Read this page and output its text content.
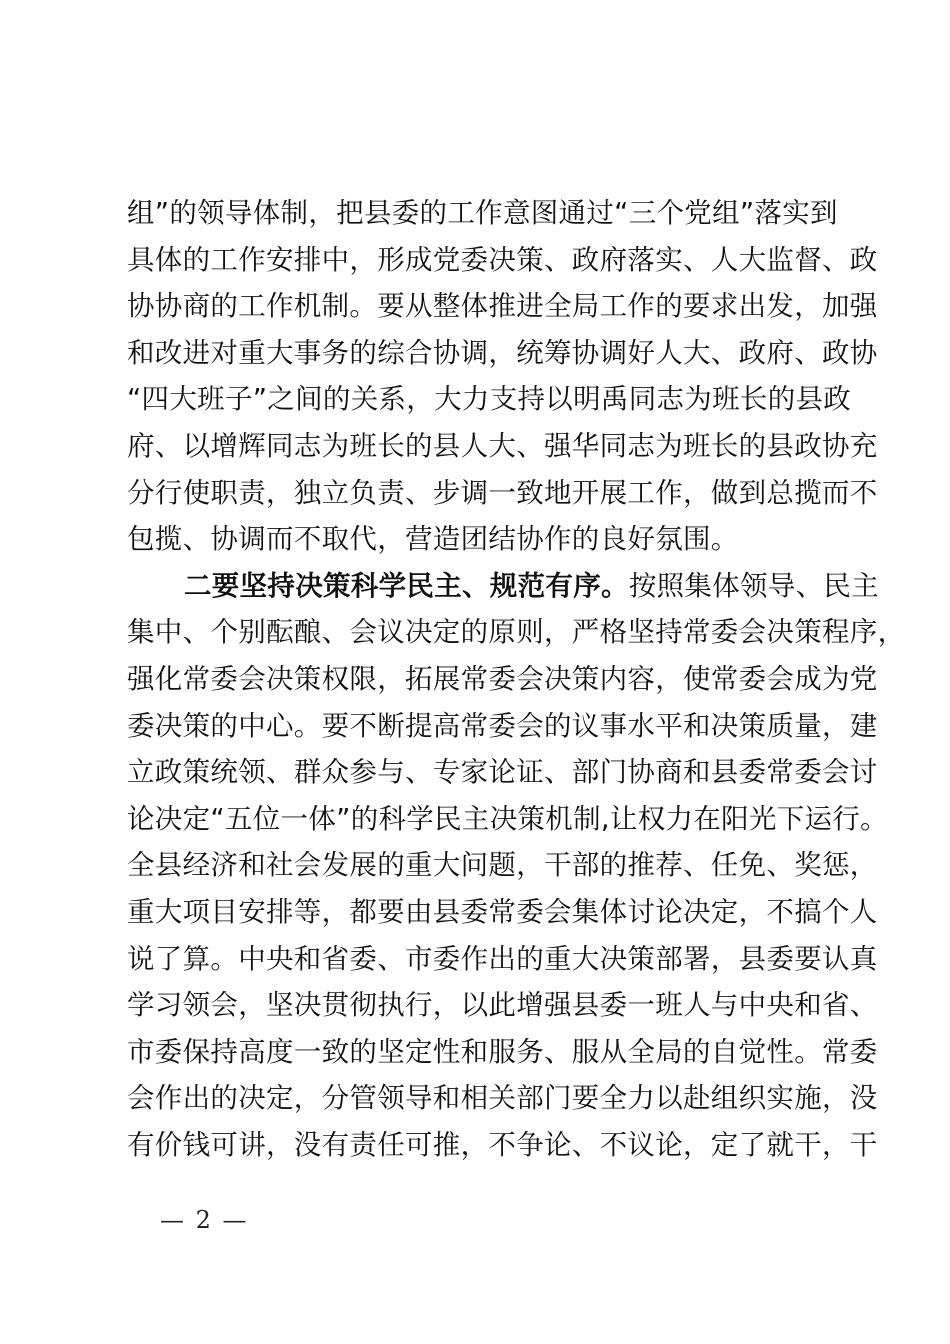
组”的领导体制，把县委的工作意图通过“三个党组”落实到
具体的工作安排中，形成党委决策、政府落实、人大监督、政
协协商的工作机制。要从整体推进全局工作的要求出发，加强
和改进对重大事务的综合协调，统筹协调好人大、政府、政协
“四大班子”之间的关系，大力支持以明禹同志为班长的县政
府、以增辉同志为班长的县人大、强华同志为班长的县政协充
分行使职责，独立负责、步调一致地开展工作，做到总揽而不
包揽、协调而不取代，营造团结协作的良好氛围。
二要坚持决策科学民主、规范有序。按照集体领导、民主
集中、个别酝酿、会议决定的原则，严格坚持常委会决策程序，
强化常委会决策权限，拓展常委会决策内容，使常委会成为党
委决策的中心。要不断提高常委会的议事水平和决策质量，建
立政策统领、群众参与、专家论证、部门协商和县委常委会讨
论决定“五位一体”的科学民主决策机制,让权力在阳光下运行。
全县经济和社会发展的重大问题，干部的推荐、任免、奖惩，
重大项目安排等，都要由县委常委会集体讨论决定，不搞个人
说了算。中央和省委、市委作出的重大决策部署，县委要认真
学习领会，坚决贯彻执行，以此增强县委一班人与中央和省、
市委保持高度一致的坚定性和服务、服从全局的自觉性。常委
会作出的决定，分管领导和相关部门要全力以赴组织实施，没
有价钱可讲，没有责任可推，不争论、不议论，定了就干，干
— 2 —
